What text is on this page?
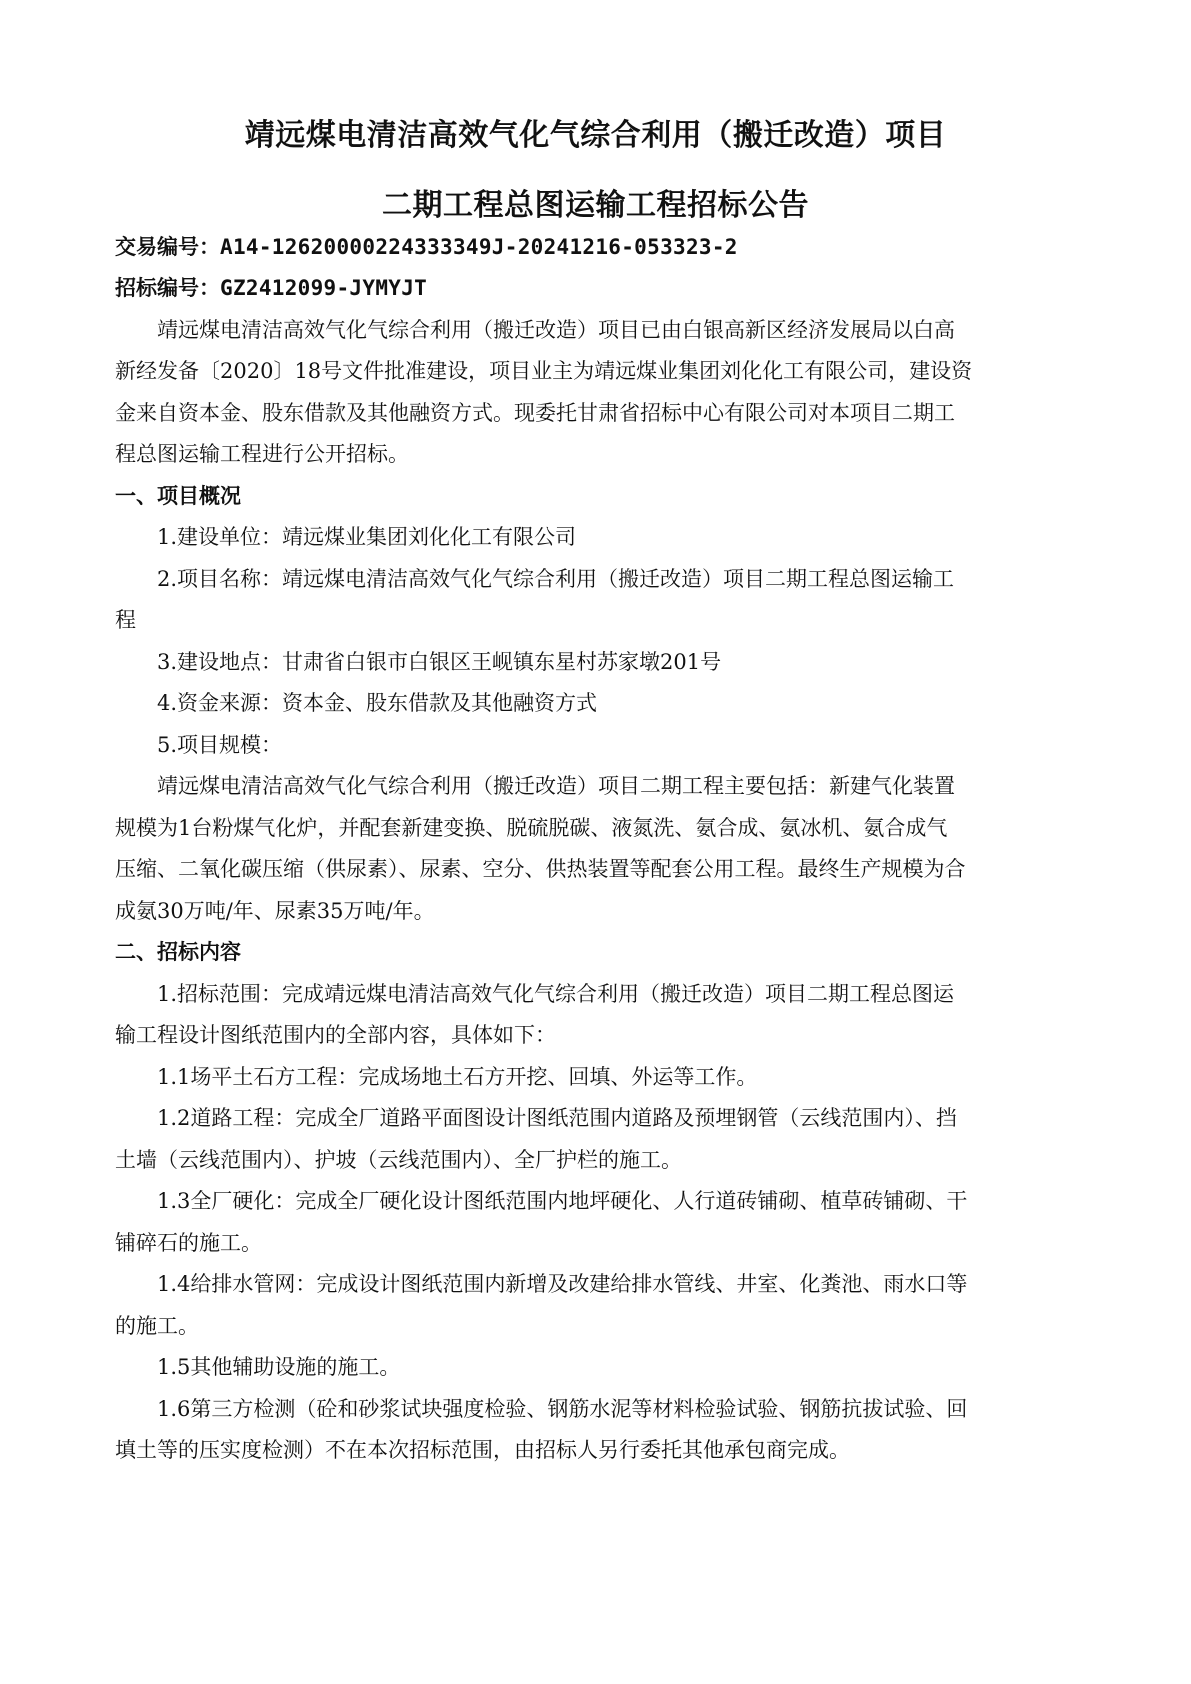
靖远煤电清洁高效气化气综合利用（搬迁改造）项目
二期工程总图运输工程招标公告
交易编号：A14-12620000224333349J-20241216-053323-2
招标编号：GZ2412099-JYMYJT
靖远煤电清洁高效气化气综合利用（搬迁改造）项目已由白银高新区经济发展局以白高
新经发备〔2020〕18号文件批准建设，项目业主为靖远煤业集团刘化化工有限公司，建设资
金来自资本金、股东借款及其他融资方式。现委托甘肃省招标中心有限公司对本项目二期工
程总图运输工程进行公开招标。
一、项目概况
1.建设单位：靖远煤业集团刘化化工有限公司
2.项目名称：靖远煤电清洁高效气化气综合利用（搬迁改造）项目二期工程总图运输工
程
3.建设地点：甘肃省白银市白银区王岘镇东星村苏家墩201号
4.资金来源：资本金、股东借款及其他融资方式
5.项目规模：
靖远煤电清洁高效气化气综合利用（搬迁改造）项目二期工程主要包括：新建气化装置
规模为1台粉煤气化炉，并配套新建变换、脱硫脱碳、液氮洗、氨合成、氨冰机、氨合成气
压缩、二氧化碳压缩（供尿素）、尿素、空分、供热装置等配套公用工程。最终生产规模为合
成氨30万吨/年、尿素35万吨/年。
二、招标内容
1.招标范围：完成靖远煤电清洁高效气化气综合利用（搬迁改造）项目二期工程总图运
输工程设计图纸范围内的全部内容，具体如下：
1.1场平土石方工程：完成场地土石方开挖、回填、外运等工作。
1.2道路工程：完成全厂道路平面图设计图纸范围内道路及预埋钢管（云线范围内）、挡
土墙（云线范围内）、护坡（云线范围内）、全厂护栏的施工。
1.3全厂硬化：完成全厂硬化设计图纸范围内地坪硬化、人行道砖铺砌、植草砖铺砌、干
铺碎石的施工。
1.4给排水管网：完成设计图纸范围内新增及改建给排水管线、井室、化粪池、雨水口等
的施工。
1.5其他辅助设施的施工。
1.6第三方检测（砼和砂浆试块强度检验、钢筋水泥等材料检验试验、钢筋抗拔试验、回
填土等的压实度检测）不在本次招标范围，由招标人另行委托其他承包商完成。
